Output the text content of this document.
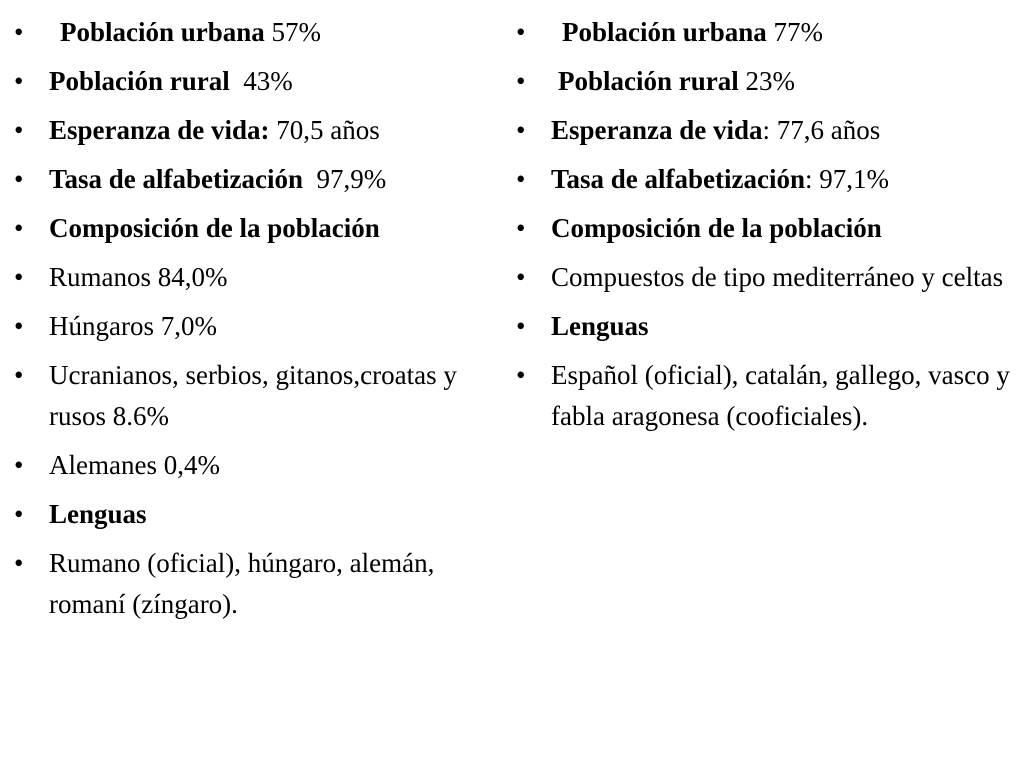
•	Población urbana 57%
• Población rural  43%
• Esperanza de vida: 70,5 años
• Tasa de alfabetización  97,9%
• Composición de la población
• Rumanos 84,0%
• Húngaros 7,0%
• Ucranianos, serbios, gitanos,croatas y rusos 8.6%
• Alemanes 0,4%
• Lenguas
• Rumano (oficial), húngaro, alemán, romaní (zíngaro).
•	Población urbana 77%
•	Población rural 23%
• Esperanza de vida: 77,6 años
• Tasa de alfabetización: 97,1%
• Composición de la población
• Compuestos de tipo mediterráneo y celtas
• Lenguas
• Español (oficial), catalán, gallego, vasco y fabla aragonesa (cooficiales).
